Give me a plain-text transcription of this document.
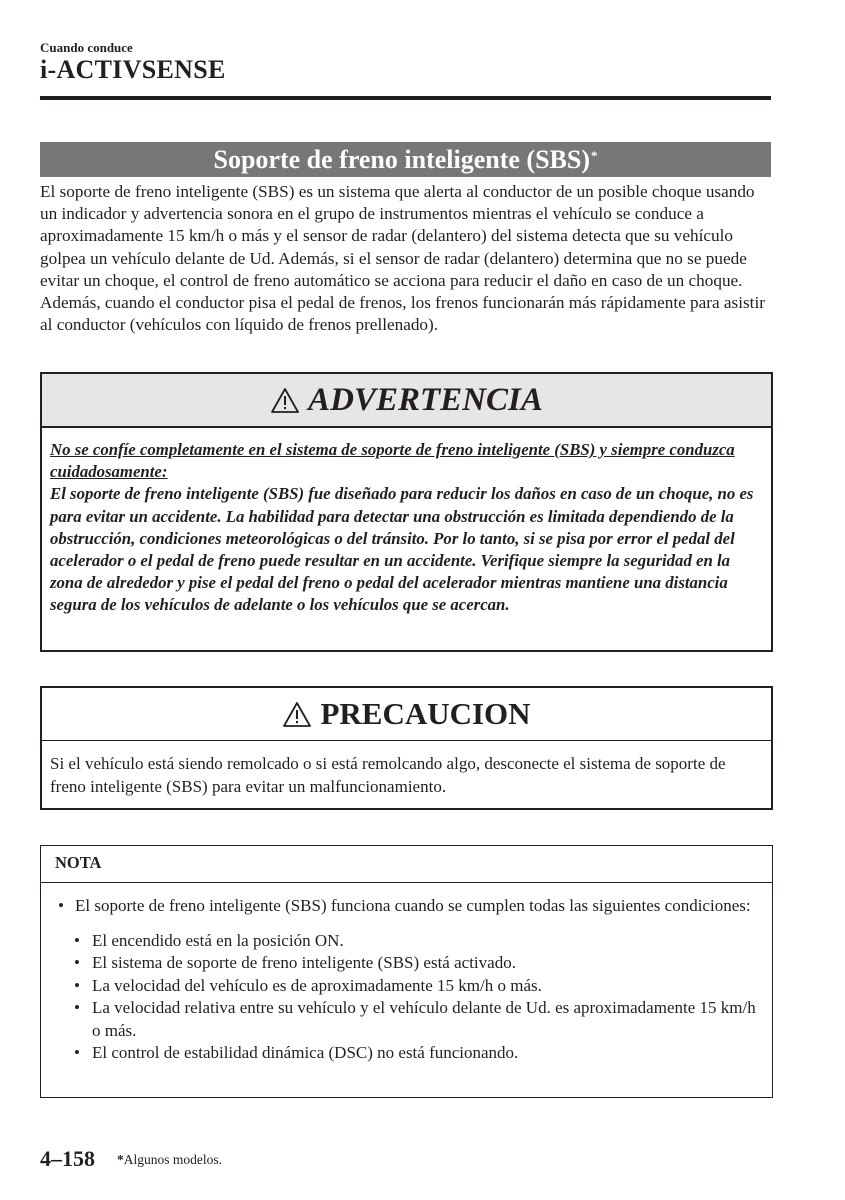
Cuando conduce
i-ACTIVSENSE
Soporte de freno inteligente (SBS)*

El soporte de freno inteligente (SBS) es un sistema que alerta al conductor de un posible choque usando un indicador y advertencia sonora en el grupo de instrumentos mientras el vehículo se conduce a aproximadamente 15 km/h o más y el sensor de radar (delantero) del sistema detecta que su vehículo golpea un vehículo delante de Ud. Además, si el sensor de radar (delantero) determina que no se puede evitar un choque, el control de freno automático se acciona para reducir el daño en caso de un choque.

Además, cuando el conductor pisa el pedal de frenos, los frenos funcionarán más rápidamente para asistir al conductor (vehículos con líquido de frenos prellenado).

ADVERTENCIA

No se confíe completamente en el sistema de soporte de freno inteligente (SBS) y siempre conduzca cuidadosamente:

El soporte de freno inteligente (SBS) fue diseñado para reducir los daños en caso de un choque, no es para evitar un accidente. La habilidad para detectar una obstrucción es limitada dependiendo de la obstrucción, condiciones meteorológicas o del tránsito. Por lo tanto, si se pisa por error el pedal del acelerador o el pedal de freno puede resultar en un accidente. Verifique siempre la seguridad en la zona de alrededor y pise el pedal del freno o pedal del acelerador mientras mantiene una distancia segura de los vehículos de adelante o los vehículos que se acercan.

PRECAUCION

Si el vehículo está siendo remolcado o si está remolcando algo, desconecte el sistema de soporte de freno inteligente (SBS) para evitar un malfuncionamiento.

NOTA
• El soporte de freno inteligente (SBS) funciona cuando se cumplen todas las siguientes condiciones:
• El encendido está en la posición ON.
• El sistema de soporte de freno inteligente (SBS) está activado.
• La velocidad del vehículo es de aproximadamente 15 km/h o más.
• La velocidad relativa entre su vehículo y el vehículo delante de Ud. es aproximadamente 15 km/h o más.
• El control de estabilidad dinámica (DSC) no está funcionando.
4–158 *Algunos modelos.
